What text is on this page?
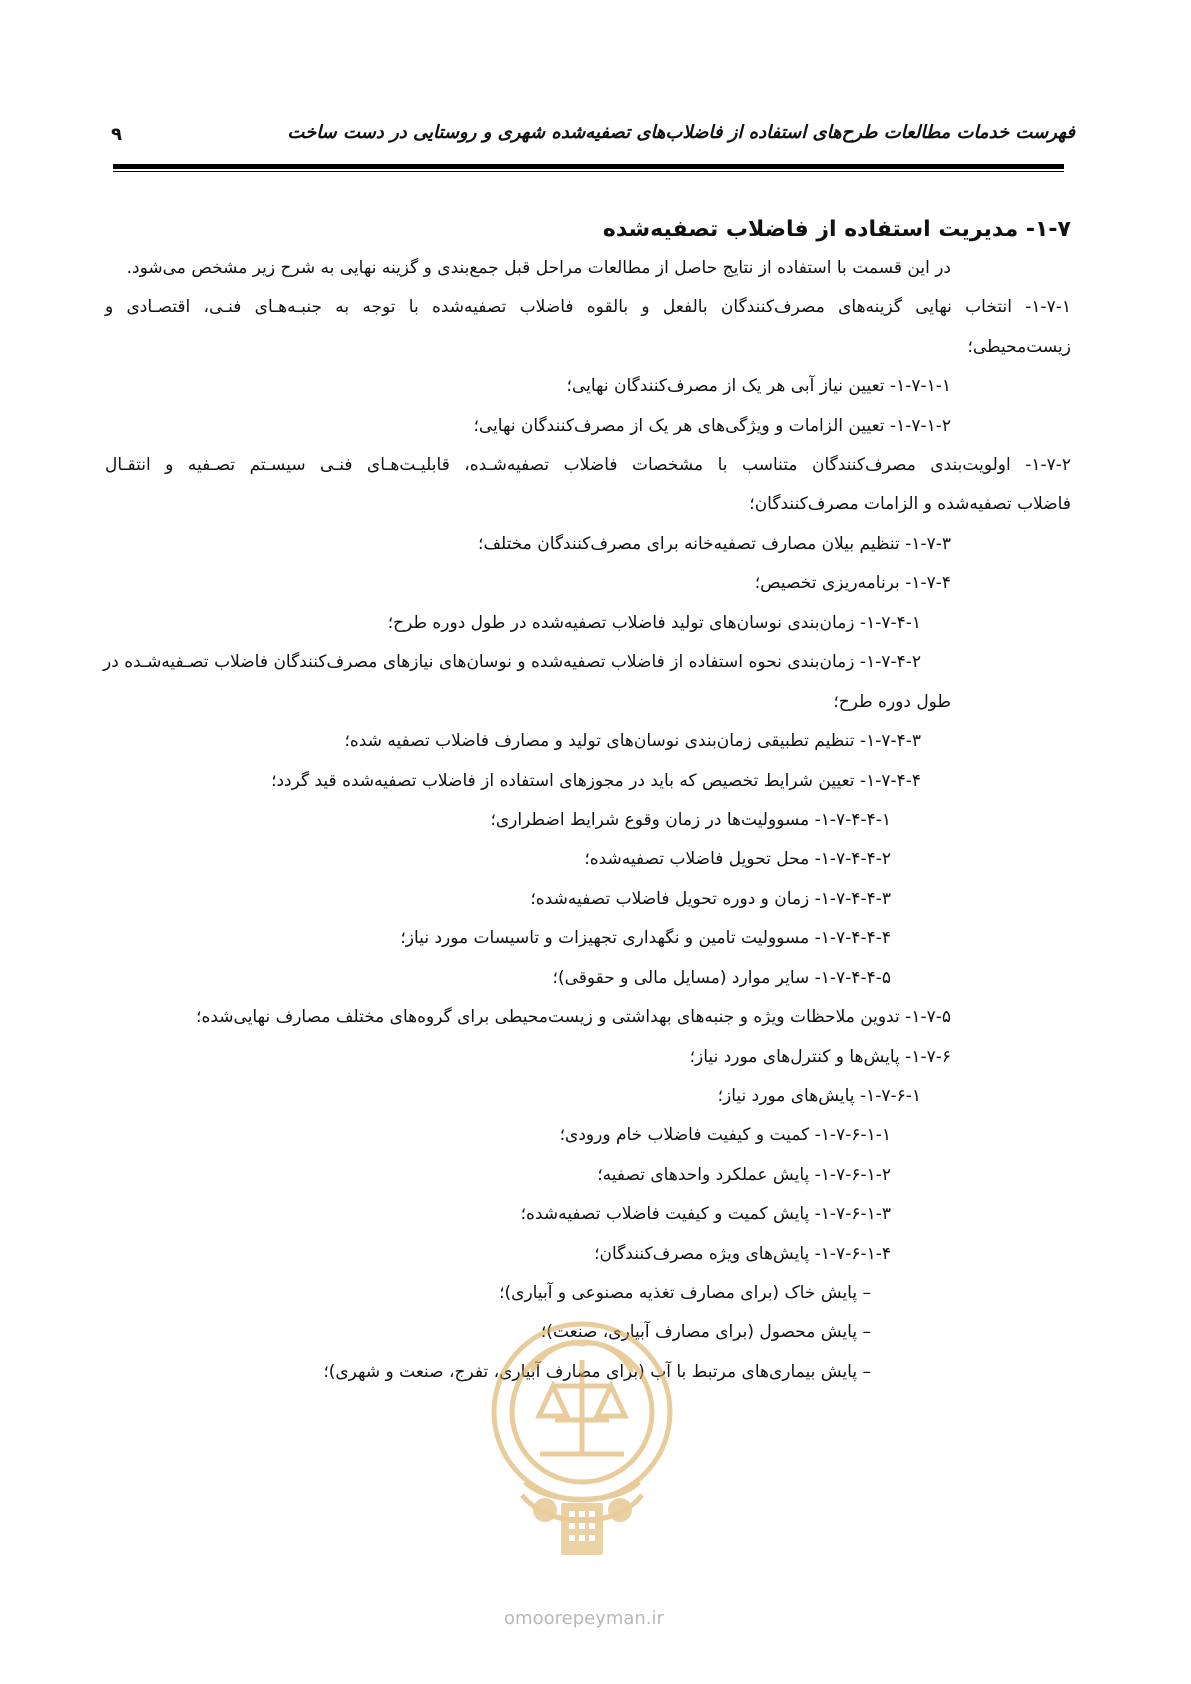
فهرست خدمات مطالعات طرح‌های استفاده از فاضلاب‌های تصفیه‌شده شهری و روستایی در دست ساخت
۹
۱-۷- مدیریت استفاده از فاضلاب تصفیه‌شده
در این قسمت با استفاده از نتایج حاصل از مطالعات مراحل قبل جمع‌بندی و گزینه نهایی به شرح زیر مشخص می‌شود.
۱-۷-۱- انتخاب نهایی گزینه‌های مصرف‌کنندگان بالفعل و بالقوه فاضلاب تصفیه‌شده با توجه به جنبـه‌هـای فنـی، اقتصـادی و
زیست‌محیطی؛
۱-۷-۱-۱- تعیین نیاز آبی هر یک از مصرف‌کنندگان نهایی؛
۱-۷-۱-۲- تعیین الزامات و ویژگی‌های هر یک از مصرف‌کنندگان نهایی؛
۱-۷-۲- اولویت‌بندی مصرف‌کنندگان متناسب با مشخصات فاضلاب تصفیه‌شـده، قابلیـت‌هـای فنـی سیسـتم تصـفیه و انتقـال
فاضلاب تصفیه‌شده و الزامات مصرف‌کنندگان؛
۱-۷-۳- تنظیم بیلان مصارف تصفیه‌خانه برای مصرف‌کنندگان مختلف؛
۱-۷-۴- برنامه‌ریزی تخصیص؛
۱-۷-۴-۱- زمان‌بندی نوسان‌های تولید فاضلاب تصفیه‌شده در طول دوره طرح؛
۱-۷-۴-۲- زمان‌بندی نحوه استفاده از فاضلاب تصفیه‌شده و نوسان‌های نیازهای مصرف‌کنندگان فاضلاب تصـفیه‌شـده در
طول دوره طرح؛
۱-۷-۴-۳- تنظیم تطبیقی زمان‌بندی نوسان‌های تولید و مصارف فاضلاب تصفیه شده؛
۱-۷-۴-۴- تعیین شرایط تخصیص که باید در مجوزهای استفاده از فاضلاب تصفیه‌شده قید گردد؛
۱-۷-۴-۴-۱- مسوولیت‌ها در زمان وقوع شرایط اضطراری؛
۱-۷-۴-۴-۲- محل تحویل فاضلاب تصفیه‌شده؛
۱-۷-۴-۴-۳- زمان و دوره تحویل فاضلاب تصفیه‌شده؛
۱-۷-۴-۴-۴- مسوولیت تامین و نگهداری تجهیزات و تاسیسات مورد نیاز؛
۱-۷-۴-۴-۵- سایر موارد (مسایل مالی و حقوقی)؛
۱-۷-۵- تدوین ملاحظات ویژه و جنبه‌های بهداشتی و زیست‌محیطی برای گروه‌های مختلف مصارف نهایی‌شده؛
۱-۷-۶- پایش‌ها و کنترل‌های مورد نیاز؛
۱-۷-۶-۱- پایش‌های مورد نیاز؛
۱-۷-۶-۱-۱- کمیت و کیفیت فاضلاب خام ورودی؛
۱-۷-۶-۱-۲- پایش عملکرد واحدهای تصفیه؛
۱-۷-۶-۱-۳- پایش کمیت و کیفیت فاضلاب تصفیه‌شده؛
۱-۷-۶-۱-۴- پایش‌های ویژه مصرف‌کنندگان؛
– پایش خاک (برای مصارف تغذیه مصنوعی و آبیاری)؛
– پایش محصول (برای مصارف آبیاری، صنعت)؛
– پایش بیماری‌های مرتبط با آب (برای مصارف آبیاری، تفرج، صنعت و شهری)؛
omoorepeyman.ir
